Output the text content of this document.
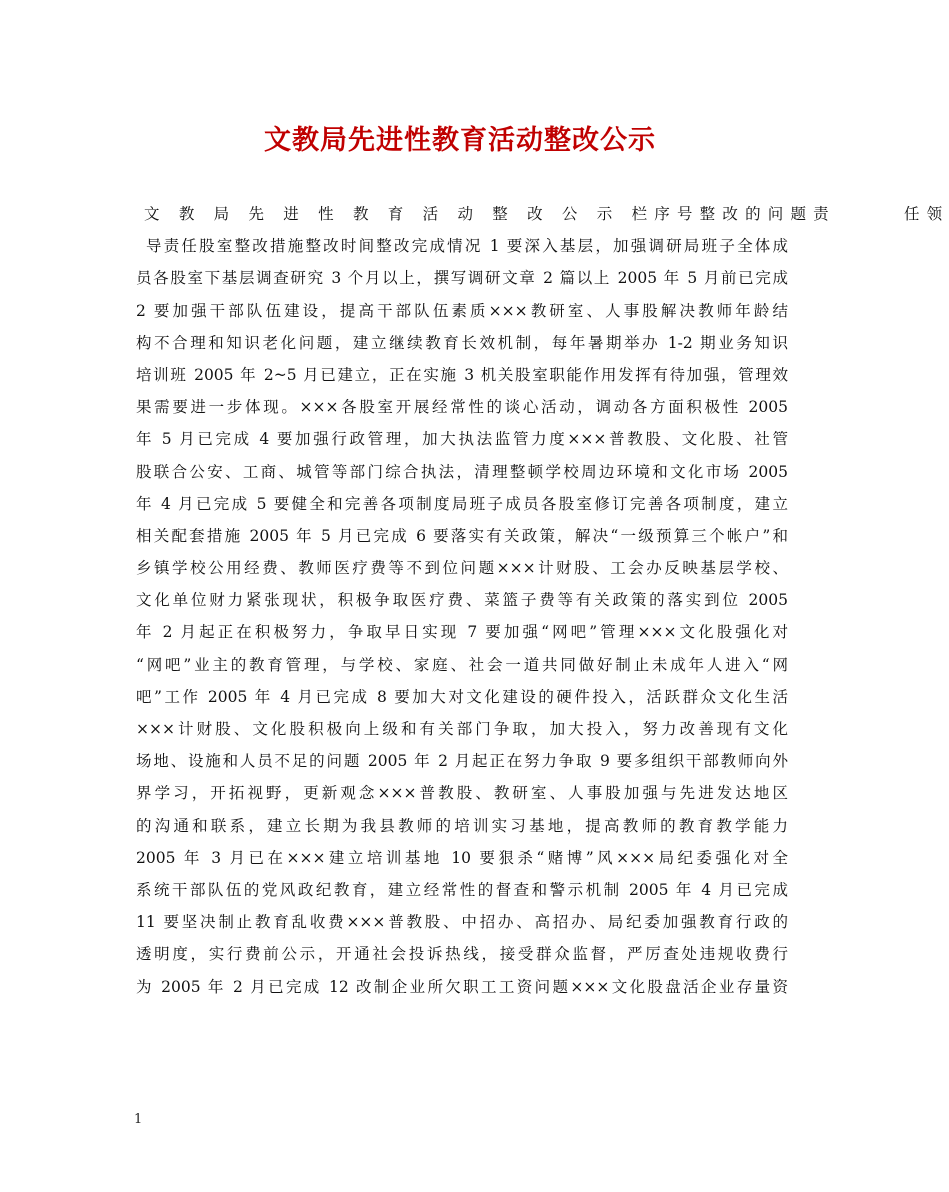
文教局先进性教育活动整改公示
文 教 局 先 进 性 教 育 活 动 整 改 公 示 栏序号整改的问题责　　　任领
导责任股室整改措施整改时间整改完成情况 1 要深入基层，加强调研局班子全体成
员各股室下基层调查研究 3 个月以上，撰写调研文章 2 篇以上 2005 年 5 月前已完成
2 要加强干部队伍建设，提高干部队伍素质×××教研室、人事股解决教师年龄结
构不合理和知识老化问题，建立继续教育长效机制，每年暑期举办 1-2 期业务知识
培训班 2005 年 2~5 月已建立，正在实施 3 机关股室职能作用发挥有待加强，管理效
果需要进一步体现。×××各股室开展经常性的谈心活动，调动各方面积极性 2005
年 5 月已完成 4 要加强行政管理，加大执法监管力度×××普教股、文化股、社管
股联合公安、工商、城管等部门综合执法，清理整顿学校周边环境和文化市场 2005
年 4 月已完成 5 要健全和完善各项制度局班子成员各股室修订完善各项制度，建立
相关配套措施 2005 年 5 月已完成 6 要落实有关政策，解决“一级预算三个帐户”和
乡镇学校公用经费、教师医疗费等不到位问题×××计财股、工会办反映基层学校、
文化单位财力紧张现状，积极争取医疗费、菜篮子费等有关政策的落实到位 2005
年 2 月起正在积极努力，争取早日实现 7 要加强“网吧”管理×××文化股强化对
“网吧”业主的教育管理，与学校、家庭、社会一道共同做好制止未成年人进入“网
吧”工作 2005 年 4 月已完成 8 要加大对文化建设的硬件投入，活跃群众文化生活
×××计财股、文化股积极向上级和有关部门争取，加大投入，努力改善现有文化
场地、设施和人员不足的问题 2005 年 2 月起正在努力争取 9 要多组织干部教师向外
界学习，开拓视野，更新观念×××普教股、教研室、人事股加强与先进发达地区
的沟通和联系，建立长期为我县教师的培训实习基地，提高教师的教育教学能力
2005 年 3 月已在×××建立培训基地 10 要狠杀“赌博”风×××局纪委强化对全
系统干部队伍的党风政纪教育，建立经常性的督查和警示机制 2005 年 4 月已完成
11 要坚决制止教育乱收费×××普教股、中招办、高招办、局纪委加强教育行政的
透明度，实行费前公示，开通社会投诉热线，接受群众监督，严厉查处违规收费行
为 2005 年 2 月已完成 12 改制企业所欠职工工资问题×××文化股盘活企业存量资
1
